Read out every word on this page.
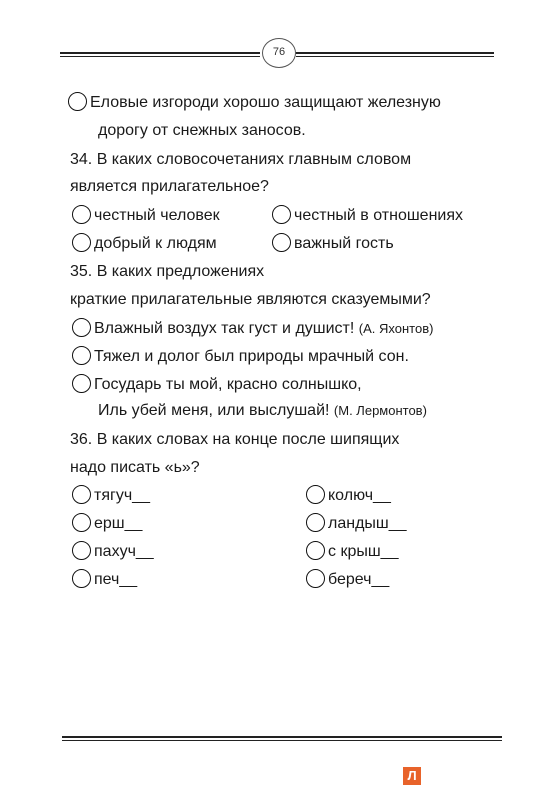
76
Еловые изгороди хорошо защищают железную
дорогу от снежных заносов.
34. В каких словосочетаниях главным словом
является прилагательное?
честный человек	честный в отношениях
добрый к людям	важный гость
35. В каких предложениях
краткие прилагательные являются сказуемыми?
Влажный воздух так густ и душист! (А. Яхонтов)
Тяжел и долог был природы мрачный сон.
Государь ты мой, красно солнышко,
Иль убей меня, или выслушай! (М. Лермонтов)
36. В каких словах на конце после шипящих
надо писать «ь»?
тягуч__
ерш__
пахуч__
печ__
колюч__
ландыш__
с крыш__
береч__
Л
